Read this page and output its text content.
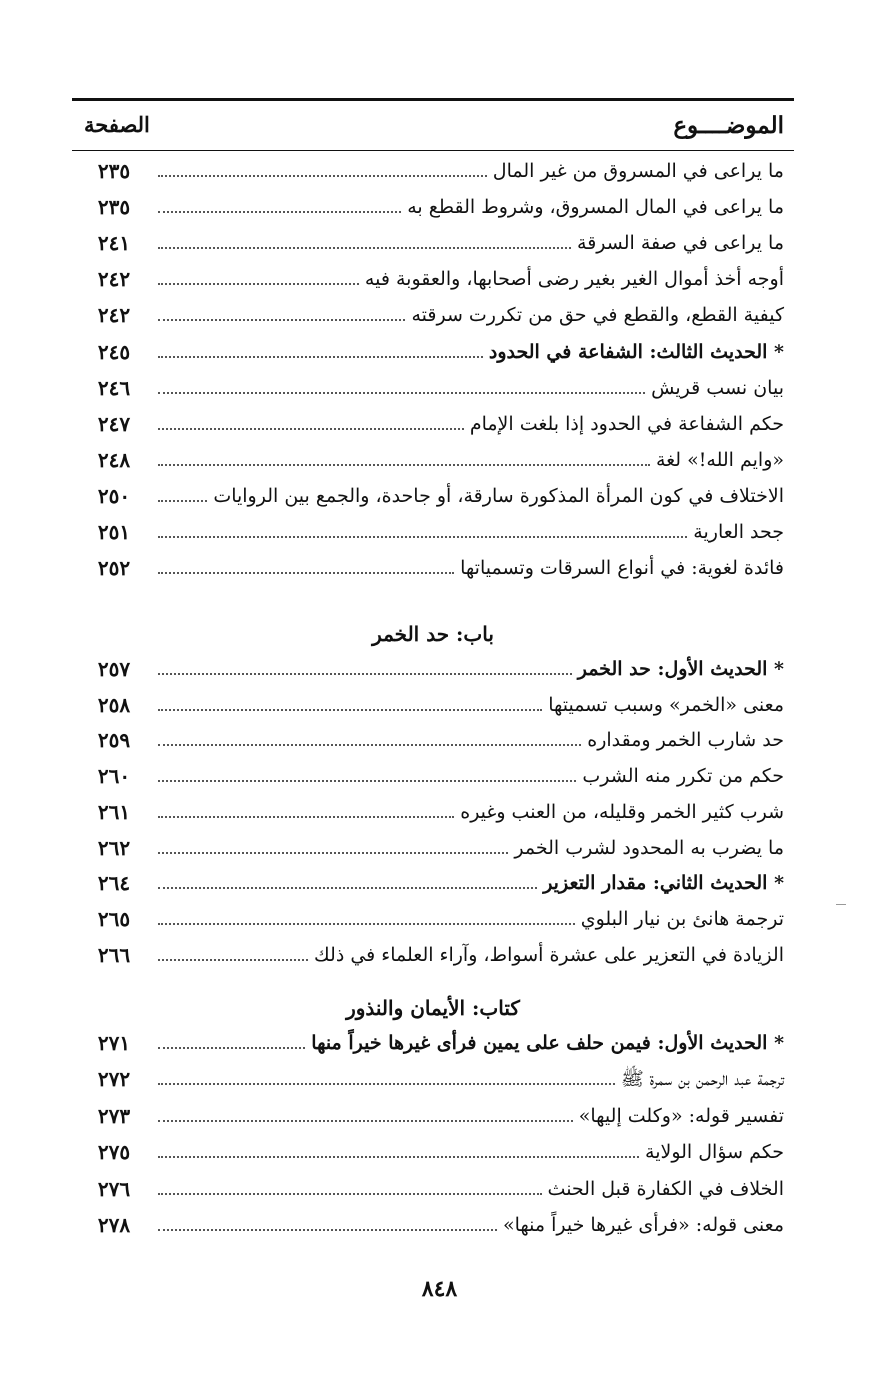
الموضــــوع
الصفحة
ما يراعى في المسروق من غير المال
٢٣٥
ما يراعى في المال المسروق، وشروط القطع به
٢٣٥
ما يراعى في صفة السرقة
٢٤١
أوجه أخذ أموال الغير بغير رضى أصحابها، والعقوبة فيه
٢٤٢
كيفية القطع، والقطع في حق من تكررت سرقته
٢٤٢
* الحديث الثالث: الشفاعة في الحدود
٢٤٥
بيان نسب قريش
٢٤٦
حكم الشفاعة في الحدود إذا بلغت الإمام
٢٤٧
«وايم الله!» لغة
٢٤٨
الاختلاف في كون المرأة المذكورة سارقة، أو جاحدة، والجمع بين الروايات
٢٥٠
جحد العارية
٢٥١
فائدة لغوية: في أنواع السرقات وتسمياتها
٢٥٢
باب: حد الخمر
* الحديث الأول: حد الخمر
٢٥٧
معنى «الخمر» وسبب تسميتها
٢٥٨
حد شارب الخمر ومقداره
٢٥٩
حكم من تكرر منه الشرب
٢٦٠
شرب كثير الخمر وقليله، من العنب وغيره
٢٦١
ما يضرب به المحدود لشرب الخمر
٢٦٢
* الحديث الثاني: مقدار التعزير
٢٦٤
ترجمة هانئ بن نيار البلوي
٢٦٥
الزيادة في التعزير على عشرة أسواط، وآراء العلماء في ذلك
٢٦٦
كتاب: الأيمان والنذور
* الحديث الأول: فيمن حلف على يمين فرأى غيرها خيراً منها
٢٧١
ترجمة عبد الرحمن بن سمرة ﷺ
٢٧٢
تفسير قوله: «وكلت إليها»
٢٧٣
حكم سؤال الولاية
٢٧٥
الخلاف في الكفارة قبل الحنث
٢٧٦
معنى قوله: «فرأى غيرها خيراً منها»
٢٧٨
٨٤٨
